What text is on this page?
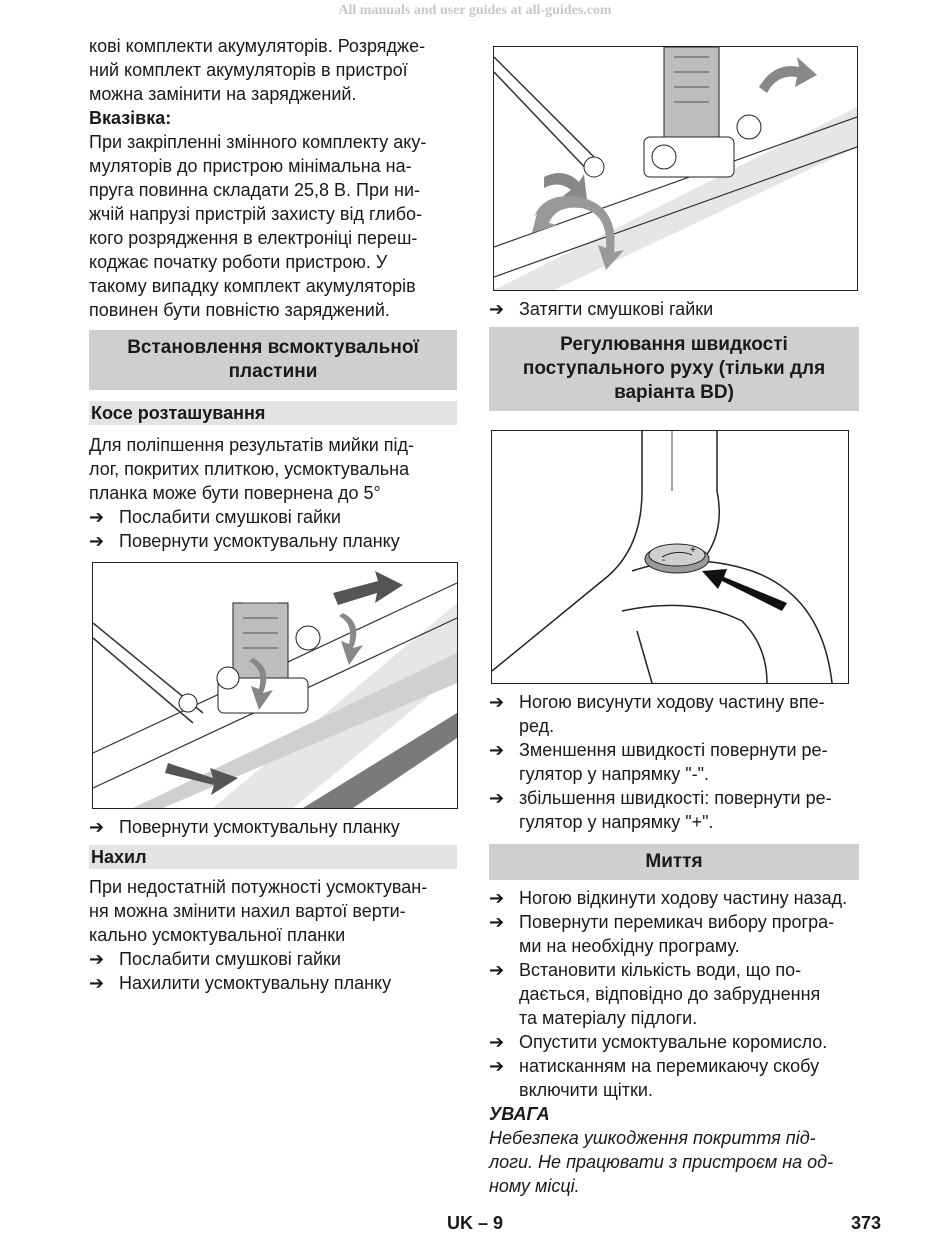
All manuals and user guides at all-guides.com

кові комплекти акумуляторів. Розрядже-

ний комплект акумуляторів в пристрої

можна замінити на заряджений.

Вказівка:

При закріпленні змінного комплекту аку-

муляторів до пристрою мінімальна на-

пруга повинна складати 25,8 В. При ни-

жчій напрузі пристрій захисту від глибо-

кого розрядження в електроніці переш-

коджає початку роботи пристрою. У

такому випадку комплект акумуляторів

повинен бути повністю заряджений.

Встановлення всмоктувальної
пластини
Косе розташування

Для поліпшення результатів мийки під-

лог, покритих плиткою, усмоктувальна

планка може бути повернена до 5°

➔ Послабити смушкові гайки
➔ Повернути усмоктувальну планку
➔ Повернути усмоктувальну планку
Нахил

При недостатній потужності усмоктуван-

ня можна змінити нахил вартої верти-

кально усмоктувальної планки

➔ Послабити смушкові гайки
➔ Нахилити усмоктувальну планку
➔ Затягти смушкові гайки
Регулювання швидкості
поступального руху (тільки для
варіанта BD)
+
-
➔ Ногою висунути ходову частину впе-
ред.
➔ Зменшення швидкості повернути ре-
гулятор у напрямку "-".
➔ збільшення швидкості: повернути ре-
гулятор у напрямку "+".
Миття
➔ Ногою відкинути ходову частину назад.
➔ Повернути перемикач вибору програ-
ми на необхідну програму.
➔ Встановити кількість води, що по-
дається, відповідно до забруднення
та матеріалу підлоги.
➔ Опустити усмоктувальне коромисло.
➔ натисканням на перемикаючу скобу
включити щітки.

УВАГА

Небезпека ушкодження покриття під-

логи. Не працювати з пристроєм на од-

ному місці.

UK – 9	373
